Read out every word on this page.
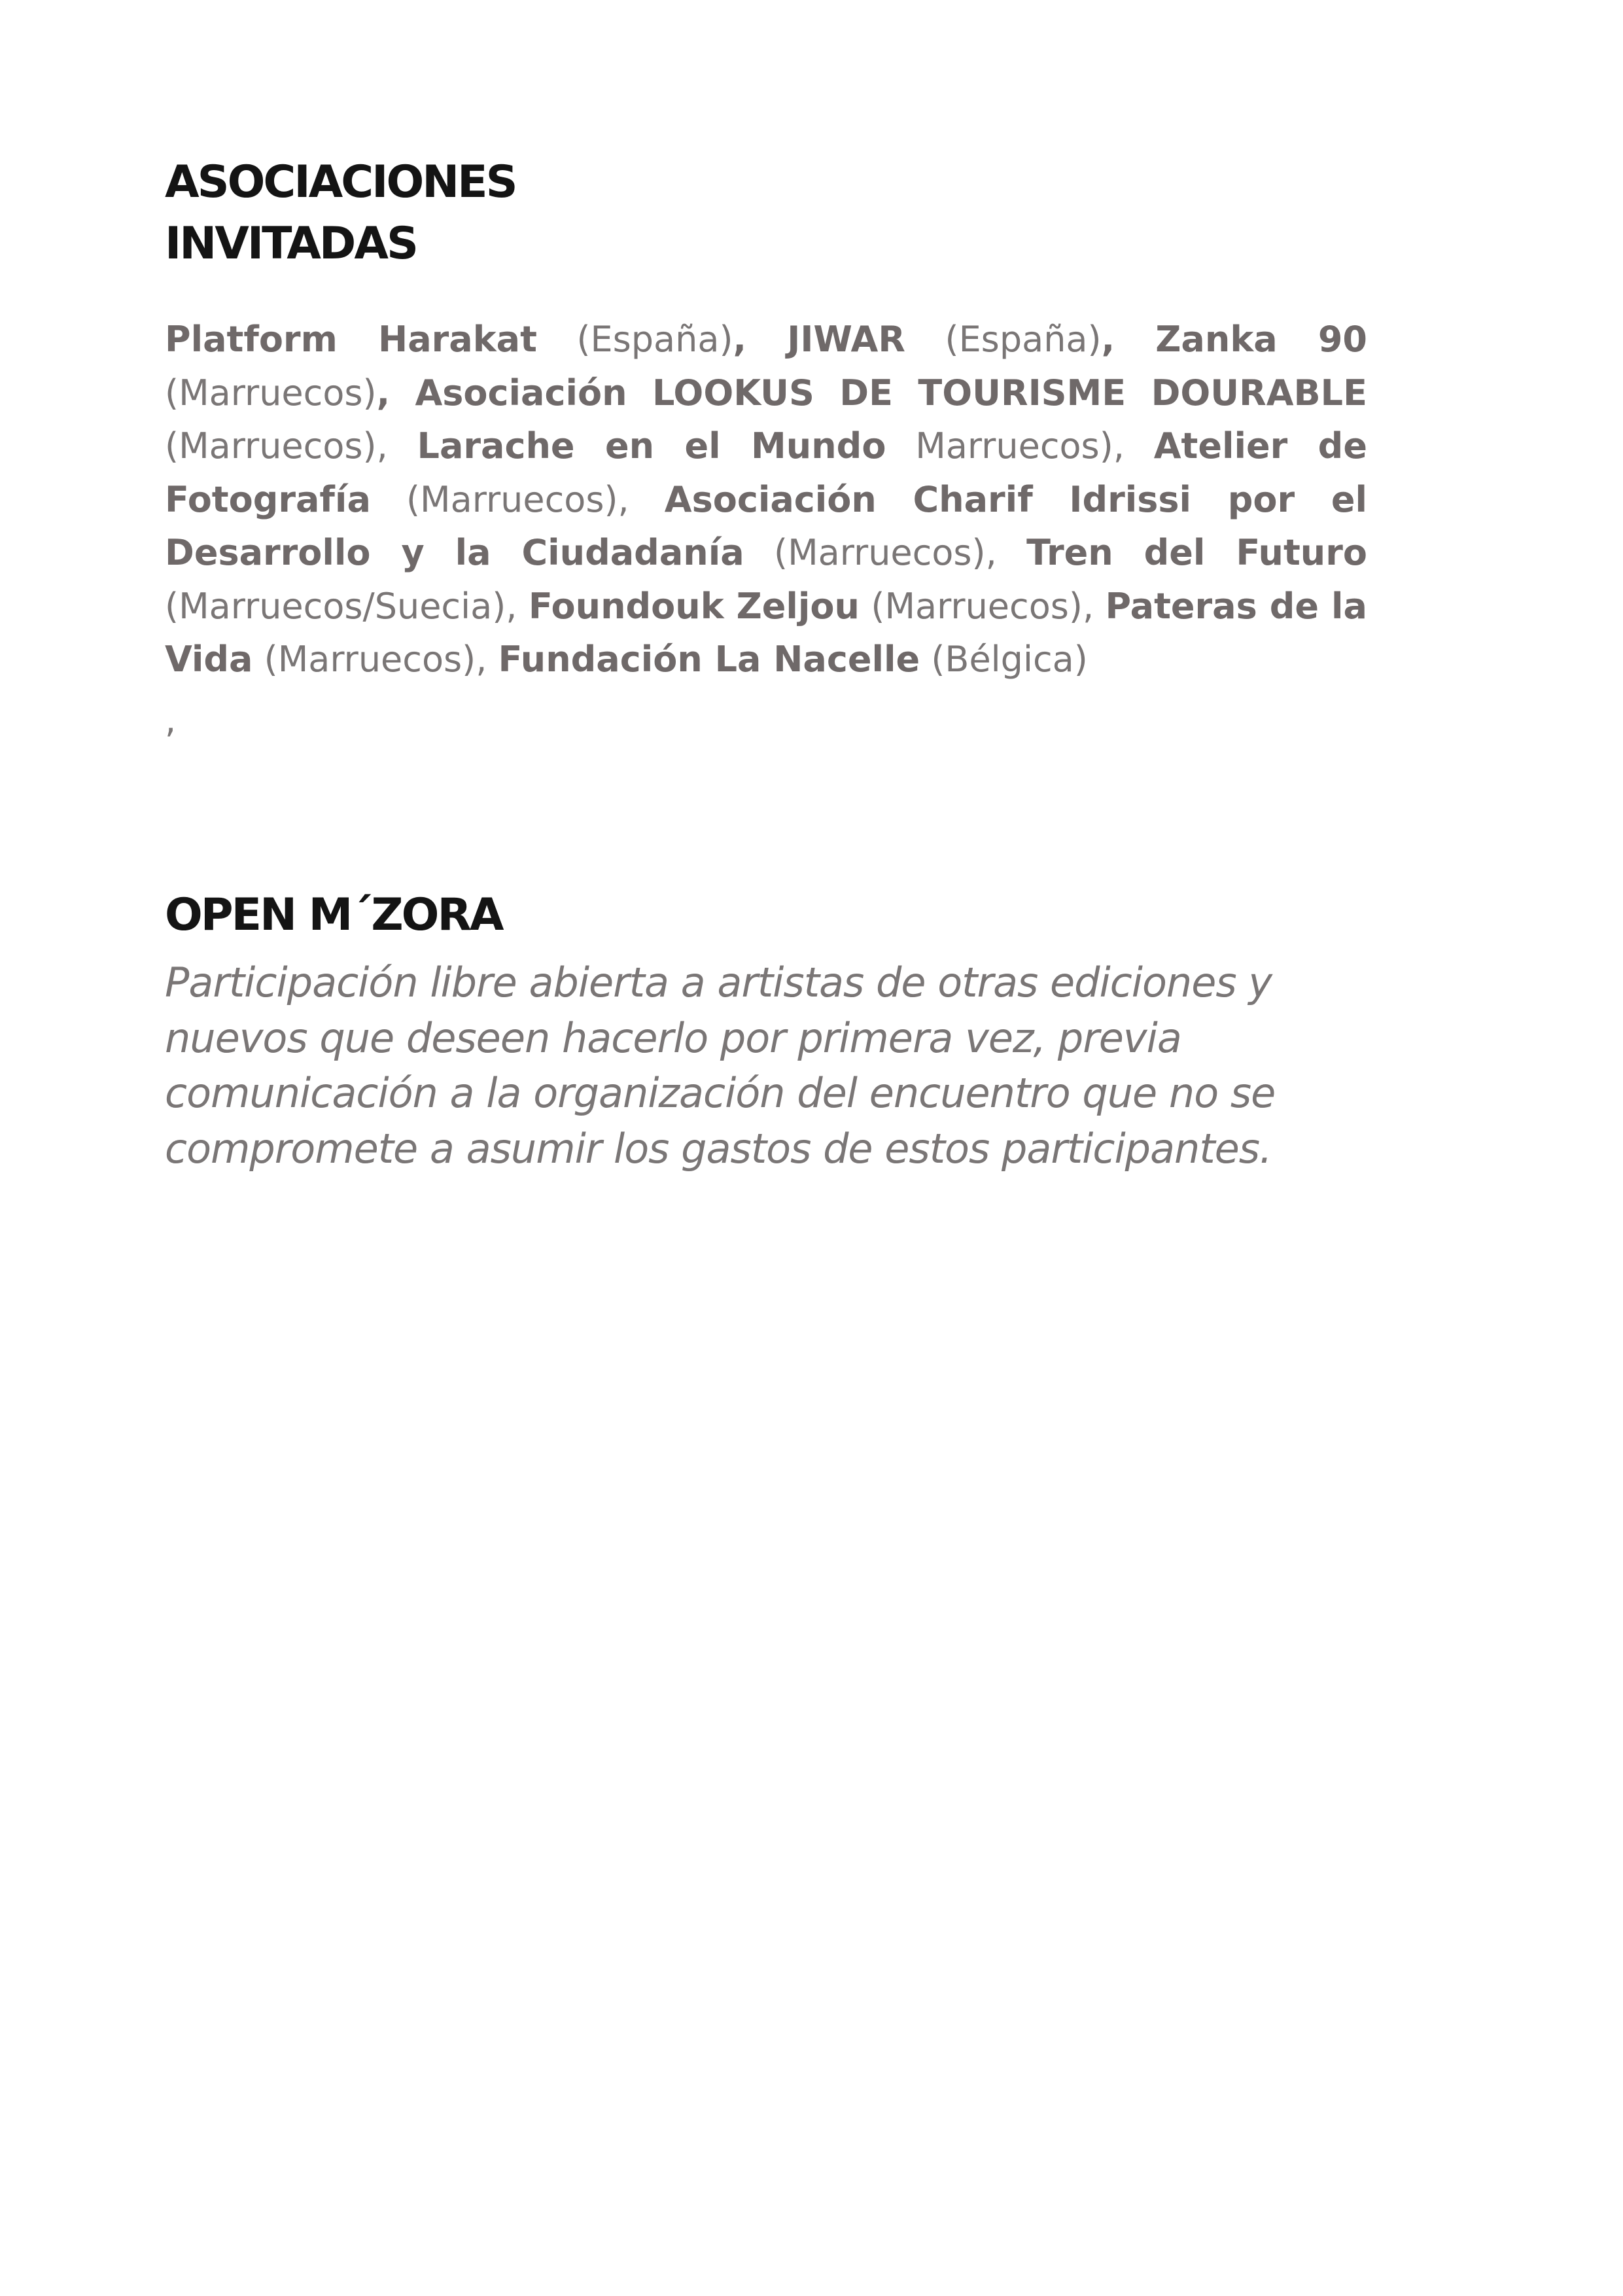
ASOCIACIONES
INVITADAS

Platform Harakat (España), JIWAR (España), Zanka 90 (Marruecos), Asociación LOOKUS DE TOURISME DOURABLE (Marruecos), Larache en el Mundo Marruecos), Atelier de Fotografía (Marruecos), Asociación Charif Idrissi por el Desarrollo y la Ciudadanía (Marruecos), Tren del Futuro (Marruecos/Suecia), Foundouk Zeljou (Marruecos), Pateras de la Vida (Marruecos), Fundación La Nacelle (Bélgica)

,

OPEN M´ZORA

Participación libre abierta a artistas de otras ediciones y
nuevos que deseen hacerlo por primera vez, previa
comunicación a la organización del encuentro que no se
compromete a asumir los gastos de estos participantes.
